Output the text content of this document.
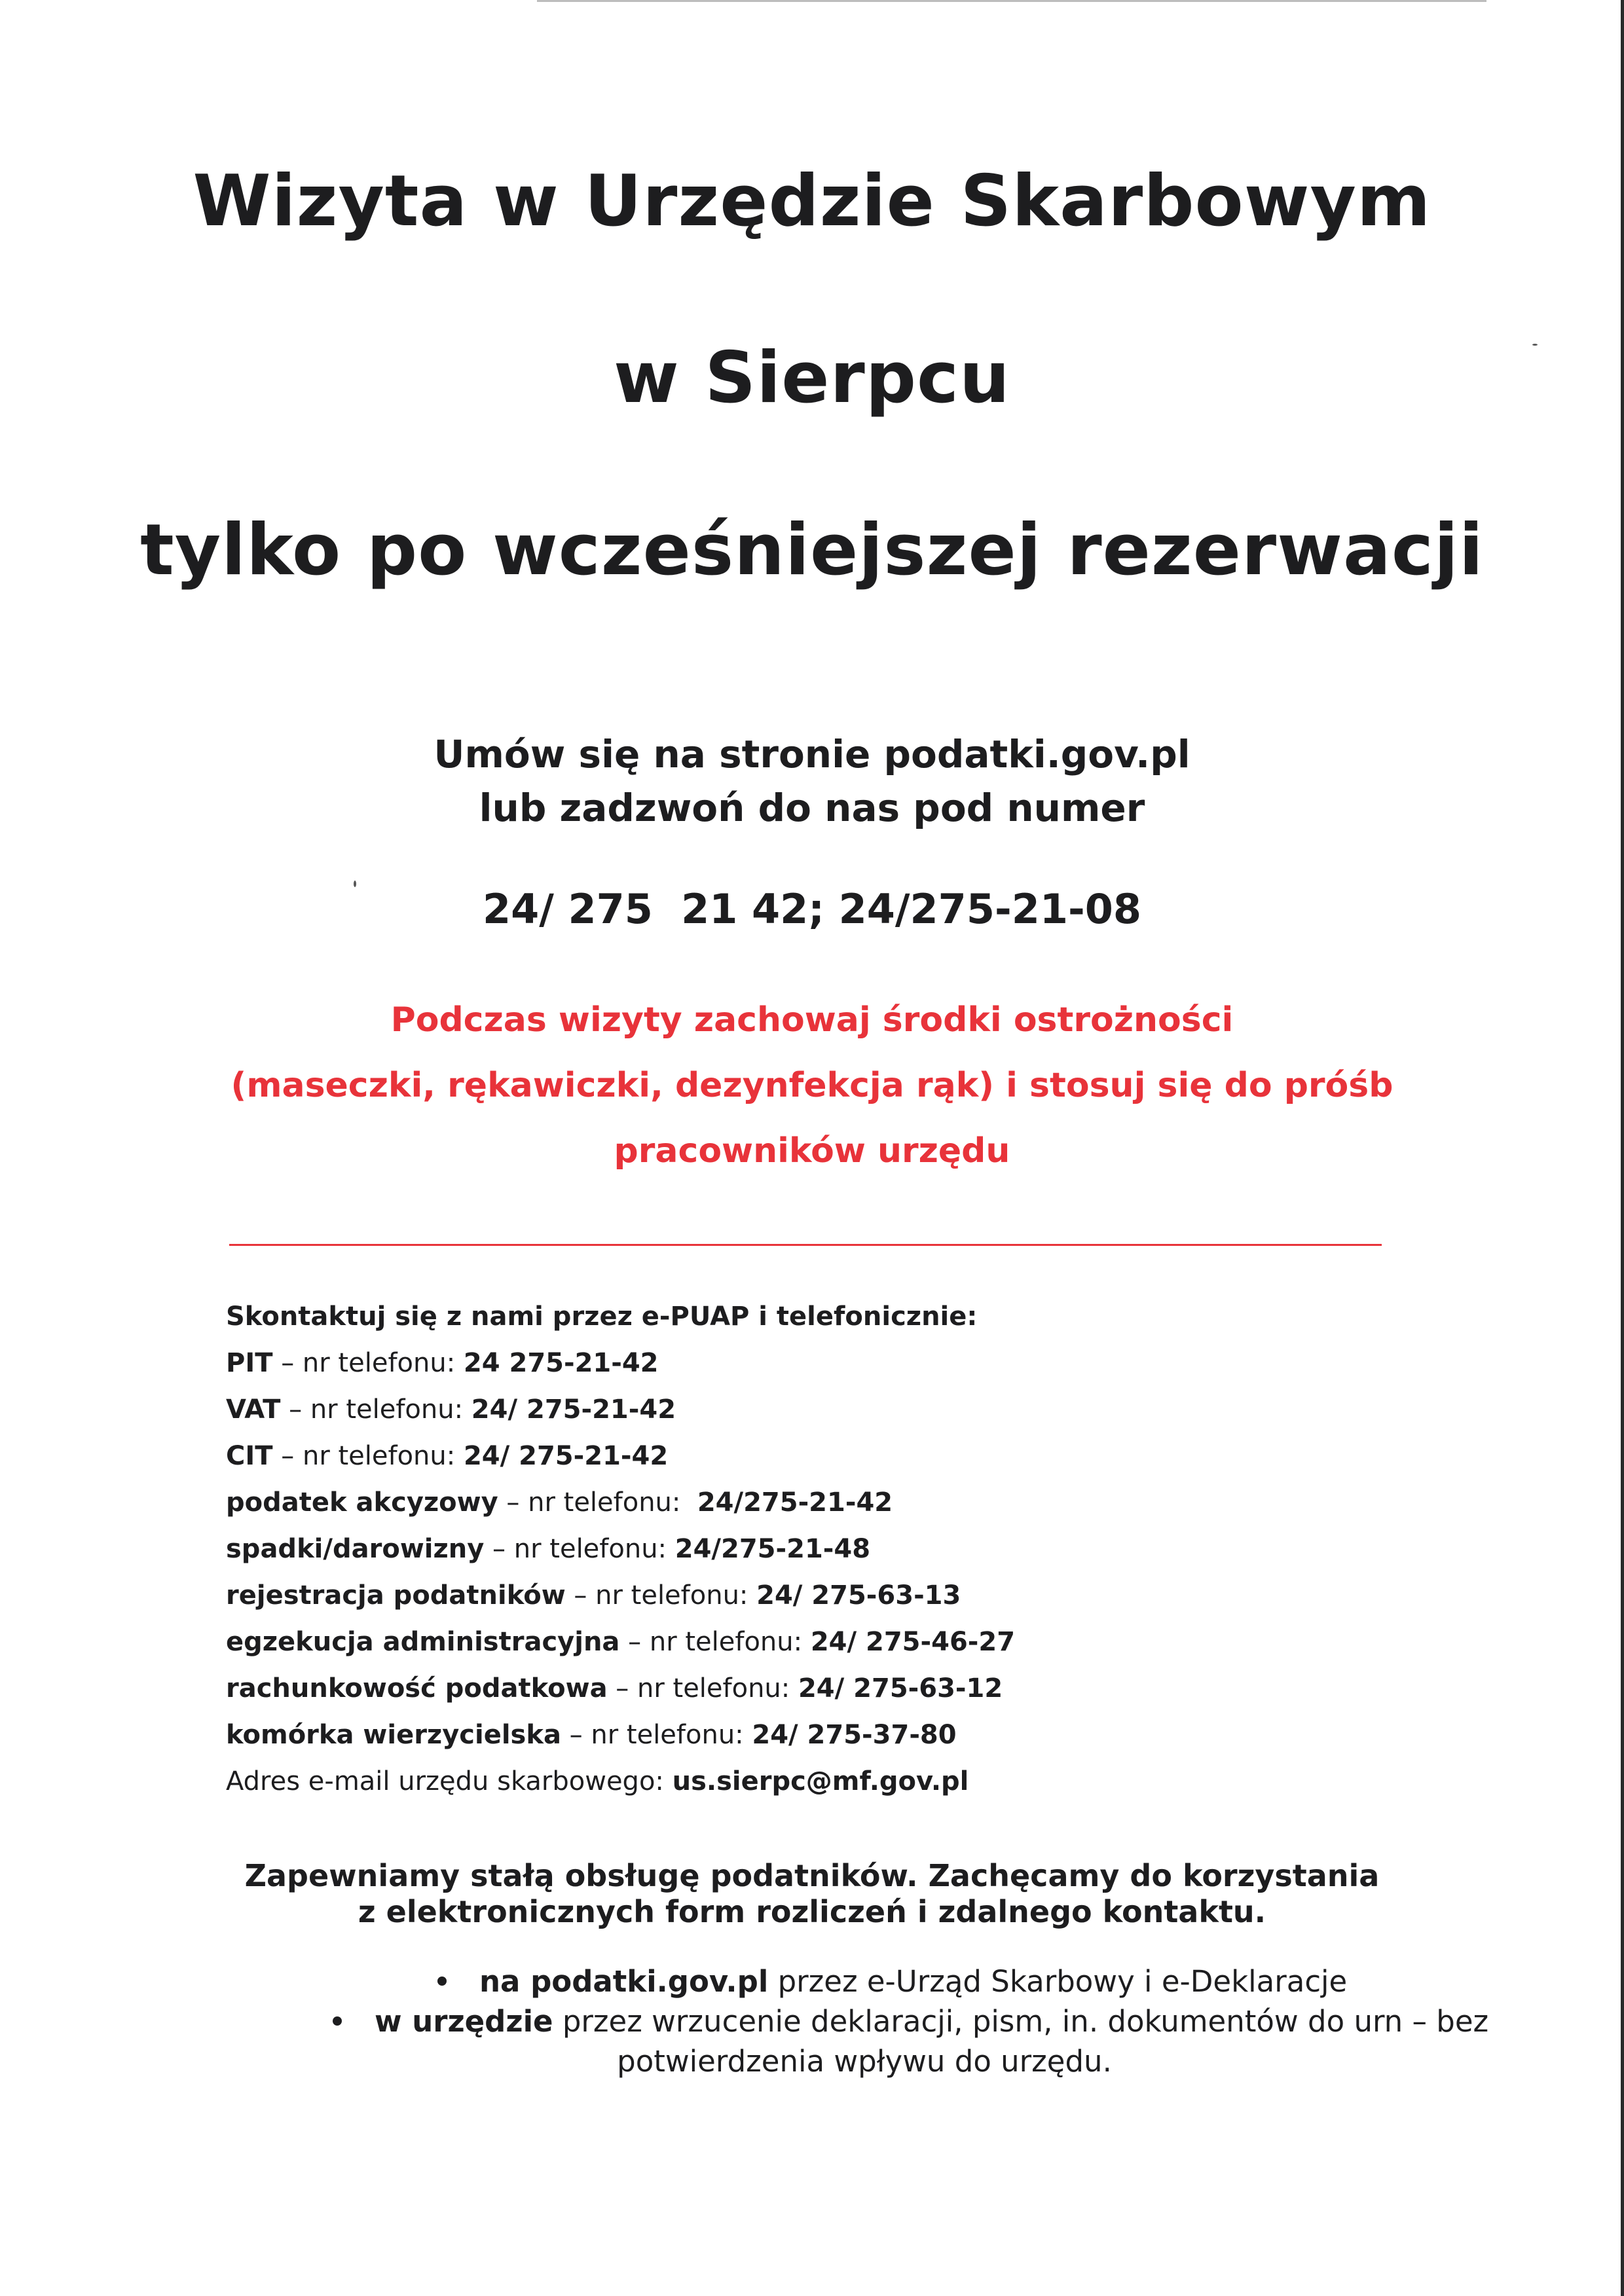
Wizyta w Urzędzie Skarbowym
w Sierpcu
tylko po wcześniejszej rezerwacji
Umów się na stronie podatki.gov.pl
lub zadzwoń do nas pod numer
24/ 275  21 42; 24/275-21-08
Podczas wizyty zachowaj środki ostrożności
(maseczki, rękawiczki, dezynfekcja rąk) i stosuj się do próśb
pracowników urzędu
Skontaktuj się z nami przez e-PUAP i telefonicznie:
PIT – nr telefonu: 24 275-21-42
VAT – nr telefonu: 24/ 275-21-42
CIT – nr telefonu: 24/ 275-21-42
podatek akcyzowy – nr telefonu:  24/275-21-42
spadki/darowizny – nr telefonu: 24/275-21-48
rejestracja podatników – nr telefonu: 24/ 275-63-13
egzekucja administracyjna – nr telefonu: 24/ 275-46-27
rachunkowość podatkowa – nr telefonu: 24/ 275-63-12
komórka wierzycielska – nr telefonu: 24/ 275-37-80
Adres e-mail urzędu skarbowego: us.sierpc@mf.gov.pl
Zapewniamy stałą obsługę podatników. Zachęcamy do korzystania
z elektronicznych form rozliczeń i zdalnego kontaktu.
na podatki.gov.pl przez e-Urząd Skarbowy i e-Deklaracje
w urzędzie przez wrzucenie deklaracji, pism, in. dokumentów do urn – bez
potwierdzenia wpływu do urzędu.
